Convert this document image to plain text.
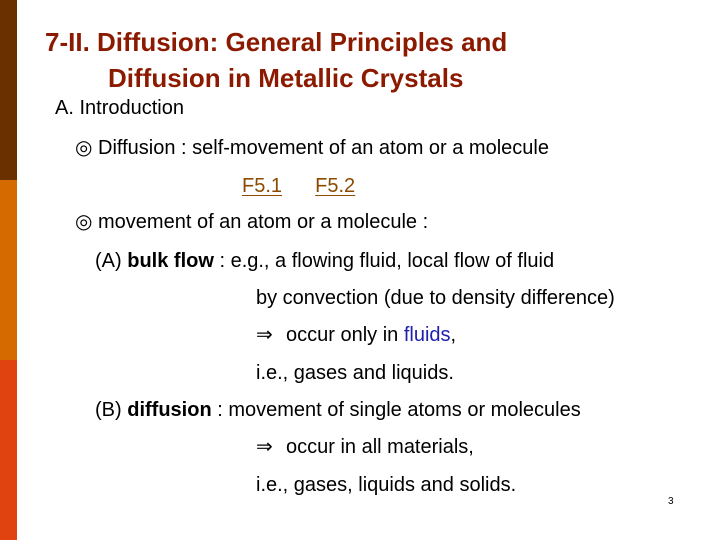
7-II. Diffusion: General Principles and
Diffusion in Metallic Crystals
A. Introduction
◎ Diffusion : self-movement of an atom or a molecule
F5.1 F5.2
◎ movement of an atom or a molecule :
(A) bulk flow : e.g., a flowing fluid, local flow of fluid
by convection (due to density difference)
⇒ occur only in fluids,
i.e., gases and liquids.
(B) diffusion : movement of single atoms or molecules
⇒ occur in all materials,
i.e., gases, liquids and solids.
3
